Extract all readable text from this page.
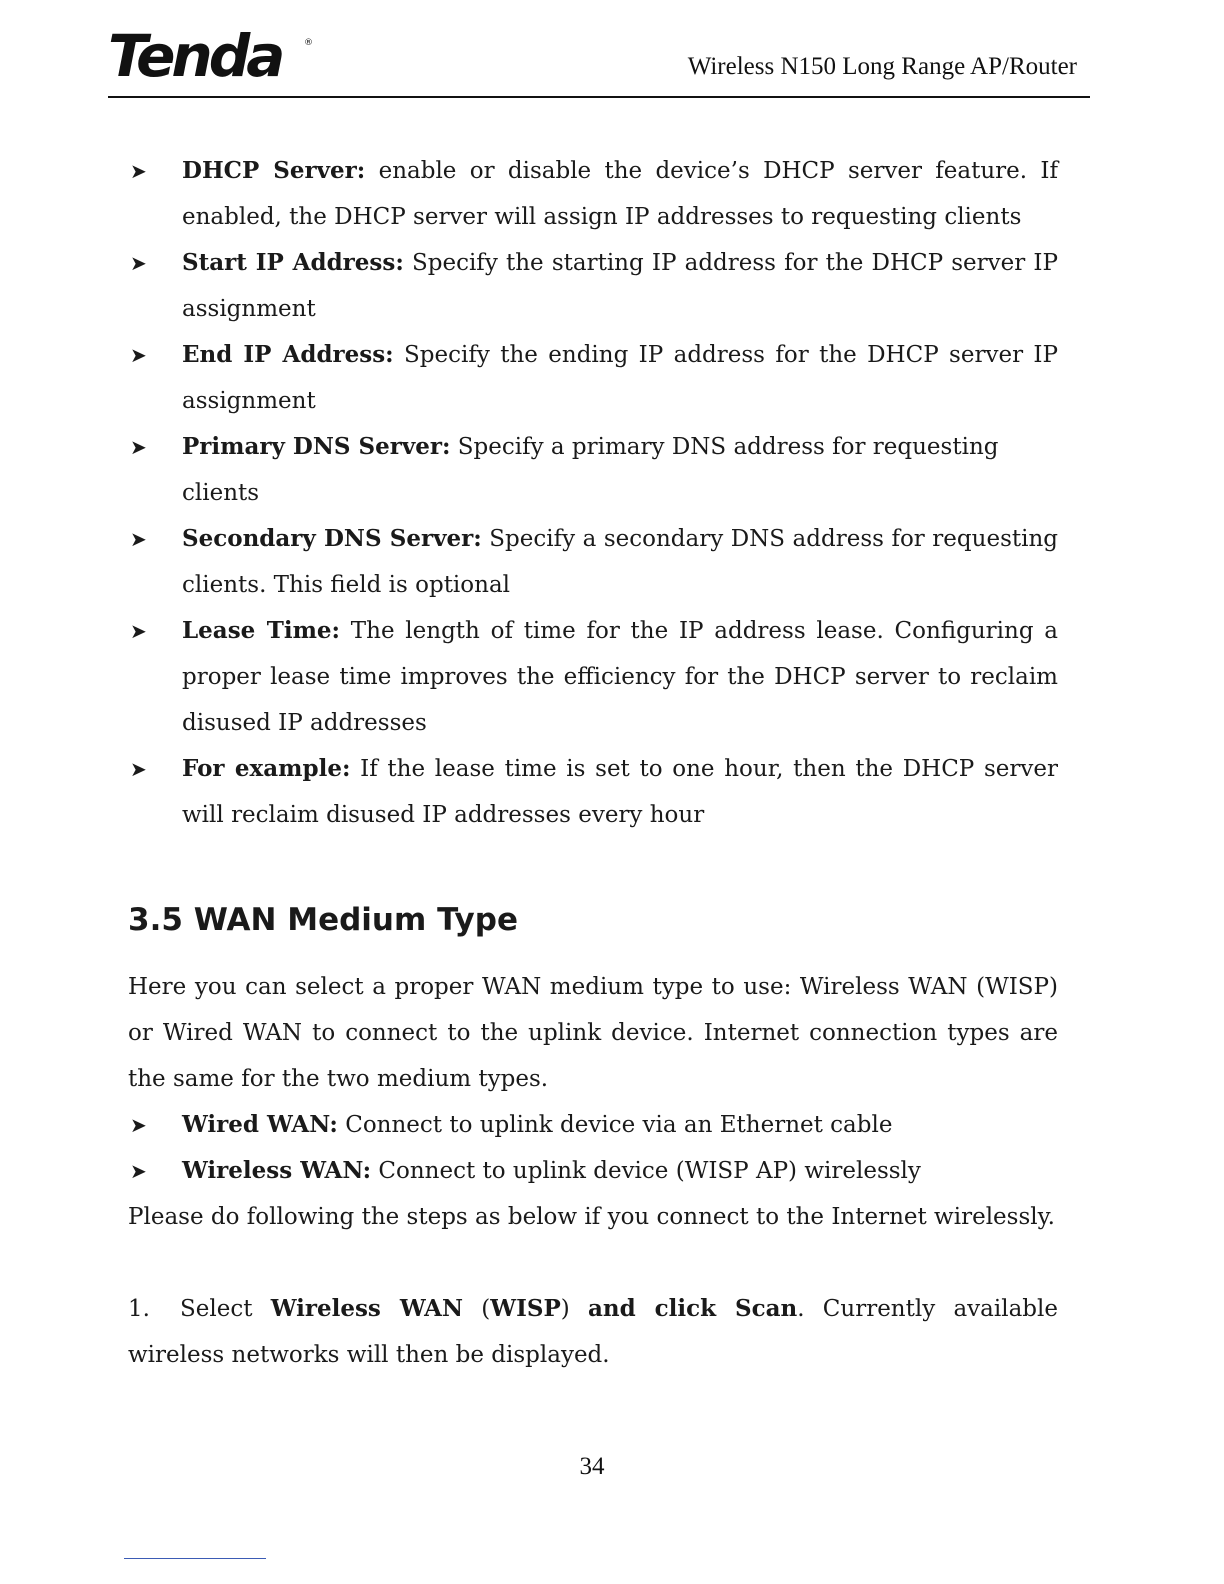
Tenda	®
Wireless N150 Long Range AP/Router
➤ DHCP Server: enable or disable the device’s DHCP server feature. If enabled, the DHCP server will assign IP addresses to requesting clients
➤ Start IP Address: Specify the starting IP address for the DHCP server IP assignment
➤ End IP Address: Specify the ending IP address for the DHCP server IP assignment
➤ Primary DNS Server: Specify a primary DNS address for requesting clients
➤ Secondary DNS Server: Specify a secondary DNS address for requesting clients. This field is optional
➤ Lease Time: The length of time for the IP address lease. Configuring a proper lease time improves the efficiency for the DHCP server to reclaim disused IP addresses
➤ For example: If the lease time is set to one hour, then the DHCP server will reclaim disused IP addresses every hour
3.5 WAN Medium Type

Here you can select a proper WAN medium type to use: Wireless WAN (WISP) or Wired WAN to connect to the uplink device. Internet connection types are the same for the two medium types.

➤ Wired WAN: Connect to uplink device via an Ethernet cable
➤ Wireless WAN: Connect to uplink device (WISP AP) wirelessly

Please do following the steps as below if you connect to the Internet wirelessly.

1. Select Wireless WAN (WISP) and click Scan. Currently available wireless networks will then be displayed.

34
